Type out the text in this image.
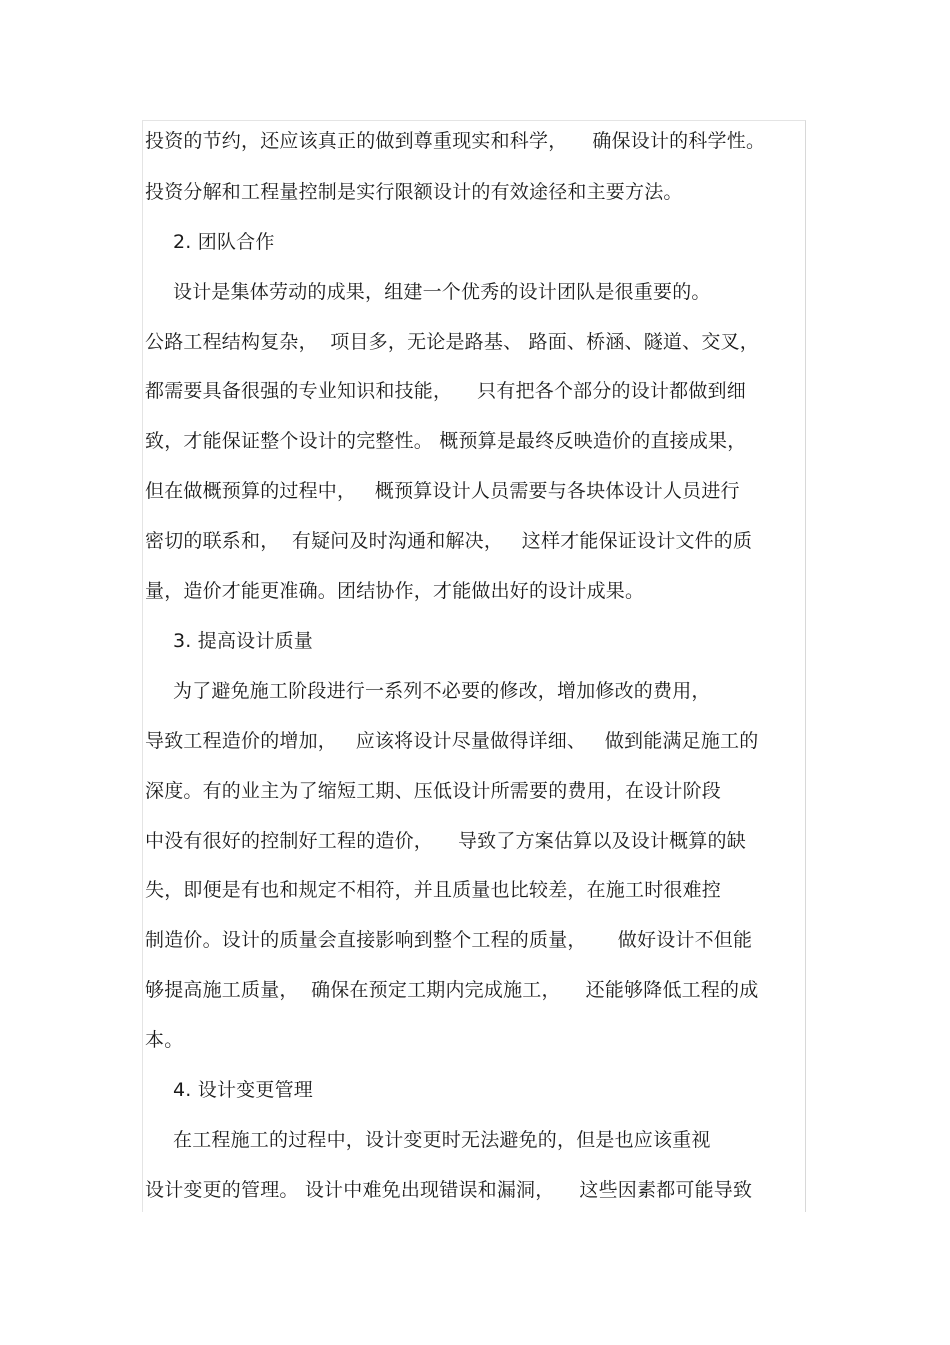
投资的节约，还应该真正的做到尊重现实和科学，    确保设计的科学性。
投资分解和工程量控制是实行限额设计的有效途径和主要方法。
2. 团队合作
设计是集体劳动的成果，组建一个优秀的设计团队是很重要的。
公路工程结构复杂，  项目多，无论是路基、 路面、桥涵、隧道、交叉，
都需要具备很强的专业知识和技能，    只有把各个部分的设计都做到细
致，才能保证整个设计的完整性。 概预算是最终反映造价的直接成果，
但在做概预算的过程中，   概预算设计人员需要与各块体设计人员进行
密切的联系和，  有疑问及时沟通和解决，   这样才能保证设计文件的质
量，造价才能更准确。团结协作，才能做出好的设计成果。
3. 提高设计质量
为了避免施工阶段进行一系列不必要的修改，增加修改的费用，
导致工程造价的增加，   应该将设计尽量做得详细、   做到能满足施工的
深度。有的业主为了缩短工期、压低设计所需要的费用，在设计阶段
中没有很好的控制好工程的造价，    导致了方案估算以及设计概算的缺
失，即便是有也和规定不相符，并且质量也比较差，在施工时很难控
制造价。设计的质量会直接影响到整个工程的质量，     做好设计不但能
够提高施工质量，  确保在预定工期内完成施工，    还能够降低工程的成
本。
4. 设计变更管理
在工程施工的过程中，设计变更时无法避免的，但是也应该重视
设计变更的管理。 设计中难免出现错误和漏洞，    这些因素都可能导致
